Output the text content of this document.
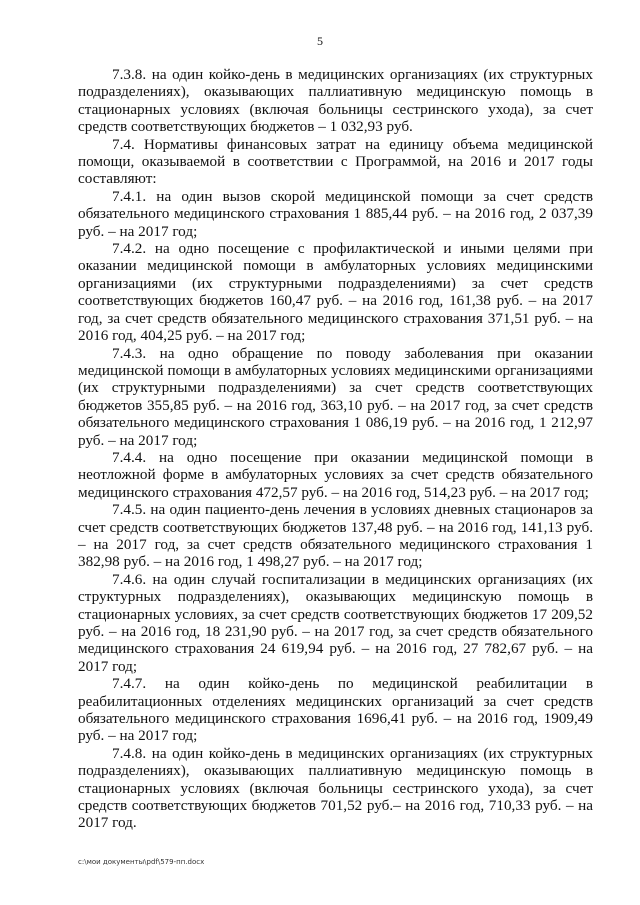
5

7.3.8. на один койко-день в медицинских организациях (их структурных подразделениях), оказывающих паллиативную медицинскую помощь в стационарных условиях (включая больницы сестринского ухода), за счет средств соответствующих бюджетов – 1 032,93 руб.

7.4. Нормативы финансовых затрат на единицу объема медицинской помощи, оказываемой в соответствии с Программой, на 2016 и 2017 годы составляют:

7.4.1. на один вызов скорой медицинской помощи за счет средств обязательного медицинского страхования 1 885,44 руб. – на 2016 год, 2 037,39 руб. – на 2017 год;

7.4.2. на одно посещение с профилактической и иными целями при оказании медицинской помощи в амбулаторных условиях медицинскими организациями (их структурными подразделениями) за счет средств соответствующих бюджетов 160,47 руб. – на 2016 год, 161,38 руб. – на 2017 год, за счет средств обязательного медицинского страхования 371,51 руб. – на 2016 год, 404,25 руб. – на 2017 год;

7.4.3. на одно обращение по поводу заболевания при оказании медицинской помощи в амбулаторных условиях медицинскими организациями (их структурными подразделениями) за счет средств соответствующих бюджетов 355,85 руб. – на 2016 год, 363,10 руб. – на 2017 год, за счет средств обязательного медицинского страхования 1 086,19 руб. – на 2016 год, 1 212,97 руб. – на 2017 год;

7.4.4. на одно посещение при оказании медицинской помощи в неотложной форме в амбулаторных условиях за счет средств обязательного медицинского страхования 472,57 руб. – на 2016 год, 514,23 руб. – на 2017 год;

7.4.5. на один пациенто-день лечения в условиях дневных стационаров за счет средств соответствующих бюджетов 137,48 руб. – на 2016 год, 141,13 руб. – на 2017 год, за счет средств обязательного медицинского страхования 1 382,98 руб. – на 2016 год, 1 498,27 руб. – на 2017 год;

7.4.6. на один случай госпитализации в медицинских организациях (их структурных подразделениях), оказывающих медицинскую помощь в стационарных условиях, за счет средств соответствующих бюджетов 17 209,52 руб. – на 2016 год, 18 231,90 руб. – на 2017 год, за счет средств обязательного медицинского страхования 24 619,94 руб. – на 2016 год, 27 782,67 руб. – на 2017 год;

7.4.7. на один койко-день по медицинской реабилитации в реабилитационных отделениях медицинских организаций за счет средств обязательного медицинского страхования 1696,41 руб. – на 2016 год, 1909,49 руб. – на 2017 год;

7.4.8. на один койко-день в медицинских организациях (их структурных подразделениях), оказывающих паллиативную медицинскую помощь в стационарных условиях (включая больницы сестринского ухода), за счет средств соответствующих бюджетов 701,52 руб.– на 2016 год, 710,33 руб. – на 2017 год.

c:\мои документы\pdf\579-пп.docx
